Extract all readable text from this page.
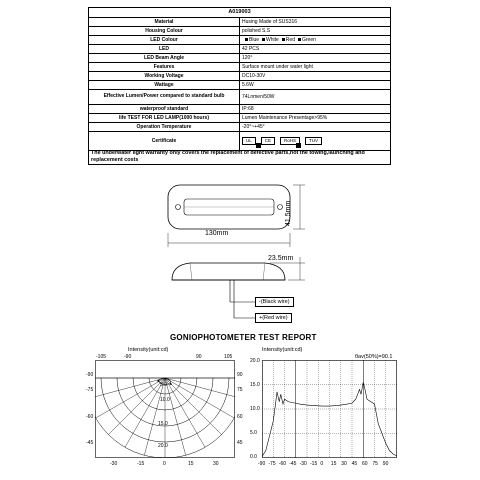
A019003	
Material	Husing Made of SUS316
Housing Colour	polished S.S
LED Colour	Blue White Red Green
LED	42 PCS
LED Beam Angle	120°
Features	Surface mount under water light
Working Voltage	DC10-30V
Wattage	5.6W
Effective Lumen/Power compared to standard bulb	74Lnmen/50W
waterproof standard	IP:68
life TEST FOR LED LAMP(1000 hours)	Lumen Maintenance Presentage>95%
Operation Temperature	-20°~+45°
Certificate	UL CE RoHS TUV
The underwater light warranty only covers the replacement of defective parts,not the towing,launching and replacement costs
130mm
41.5mm
23.5mm
-(Black wire)
+(Red wire)
GONIOPHOTOMETER TEST REPORT
Intensity(unit:cd)
-105	-90	90	105
-90
-75
-60
-45
90
75
60
45
-30	-15	0	15	30
5.0
10.0
15.0
20.0
Intensity(unit:cd)
θav(50%)=90.1
20.0
15.0
10.0
5.0
0.0
-90 -75 -60 -45 -30 -15 0 15 30 45 60 75 90
